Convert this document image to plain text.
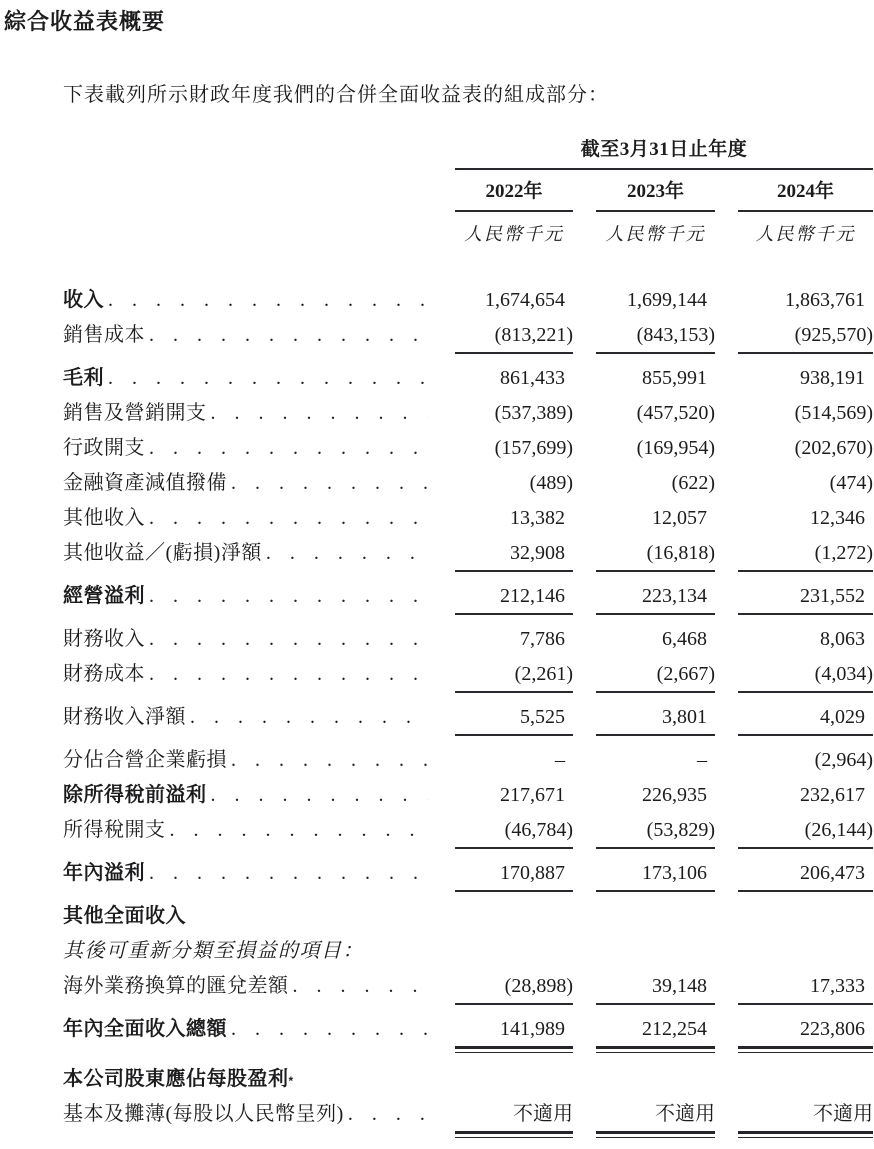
綜合收益表概要

下表載列所示財政年度我們的合併全面收益表的組成部分：

截至3月31日止年度
2022年	2023年	2024年
人民幣千元	人民幣千元	人民幣千元
收入 . . .	1,674,654	1,699,144	1,863,761
銷售成本 . . .	(813,221)	(843,153)	(925,570)
毛利 . . .	861,433	855,991	938,191
銷售及營銷開支 . . .	(537,389)	(457,520)	(514,569)
行政開支 . . .	(157,699)	(169,954)	(202,670)
金融資產減值撥備 . . .	(489)	(622)	(474)
其他收入 . . .	13,382	12,057	12,346
其他收益／(虧損)淨額 . . .	32,908	(16,818)	(1,272)
經營溢利 . . .	212,146	223,134	231,552
財務收入 . . .	7,786	6,468	8,063
財務成本 . . .	(2,261)	(2,667)	(4,034)
財務收入淨額 . . .	5,525	3,801	4,029
分佔合營企業虧損 . . .	–	–	(2,964)
除所得稅前溢利 . . .	217,671	226,935	232,617
所得稅開支 . . .	(46,784)	(53,829)	(26,144)
年內溢利 . . .	170,887	173,106	206,473
其他全面收入
其後可重新分類至損益的項目：
海外業務換算的匯兌差額 . . .	(28,898)	39,148	17,333
年內全面收入總額 . . .	141,989	212,254	223,806
本公司股東應佔每股盈利 *
基本及攤薄(每股以人民幣呈列) . . .	不適用	不適用	不適用
